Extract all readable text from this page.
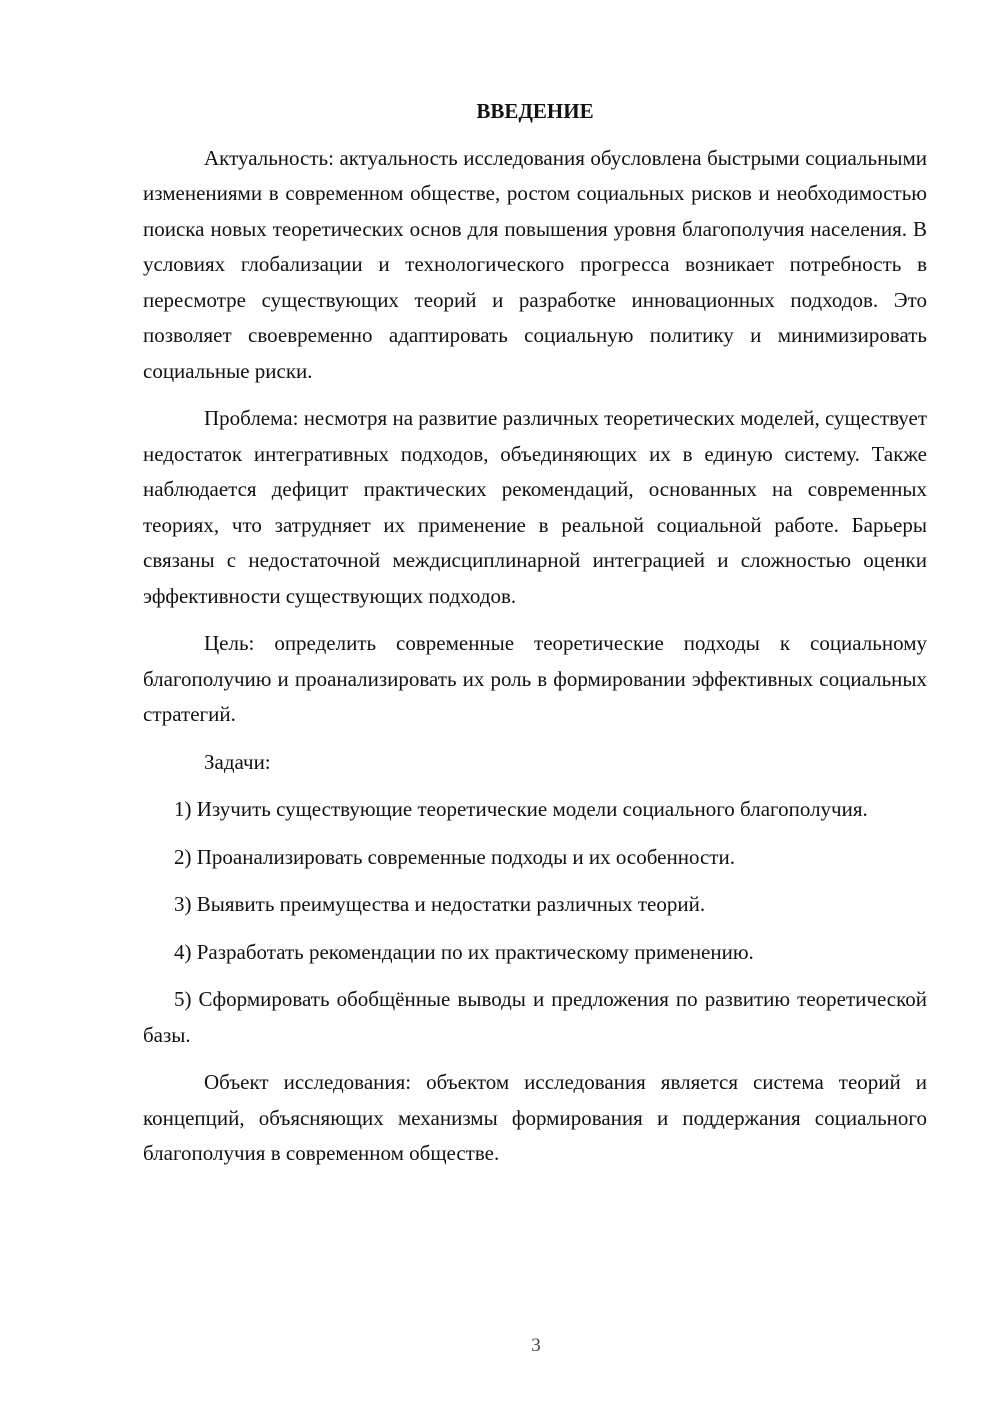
ВВЕДЕНИЕ

Актуальность: актуальность исследования обусловлена быстрыми социальными изменениями в современном обществе, ростом социальных рисков и необходимостью поиска новых теоретических основ для повышения уровня благополучия населения. В условиях глобализации и технологического прогресса возникает потребность в пересмотре существующих теорий и разработке инновационных подходов. Это позволяет своевременно адаптировать социальную политику и минимизировать социальные риски.

Проблема: несмотря на развитие различных теоретических моделей, существует недостаток интегративных подходов, объединяющих их в единую систему. Также наблюдается дефицит практических рекомендаций, основанных на современных теориях, что затрудняет их применение в реальной социальной работе. Барьеры связаны с недостаточной междисциплинарной интеграцией и сложностью оценки эффективности существующих подходов.

Цель: определить современные теоретические подходы к социальному благополучию и проанализировать их роль в формировании эффективных социальных стратегий.

Задачи:

1) Изучить существующие теоретические модели социального благополучия.

2) Проанализировать современные подходы и их особенности.

3) Выявить преимущества и недостатки различных теорий.

4) Разработать рекомендации по их практическому применению.

5) Сформировать обобщённые выводы и предложения по развитию теоретической базы.

Объект исследования: объектом исследования является система теорий и концепций, объясняющих механизмы формирования и поддержания социального благополучия в современном обществе.

3
